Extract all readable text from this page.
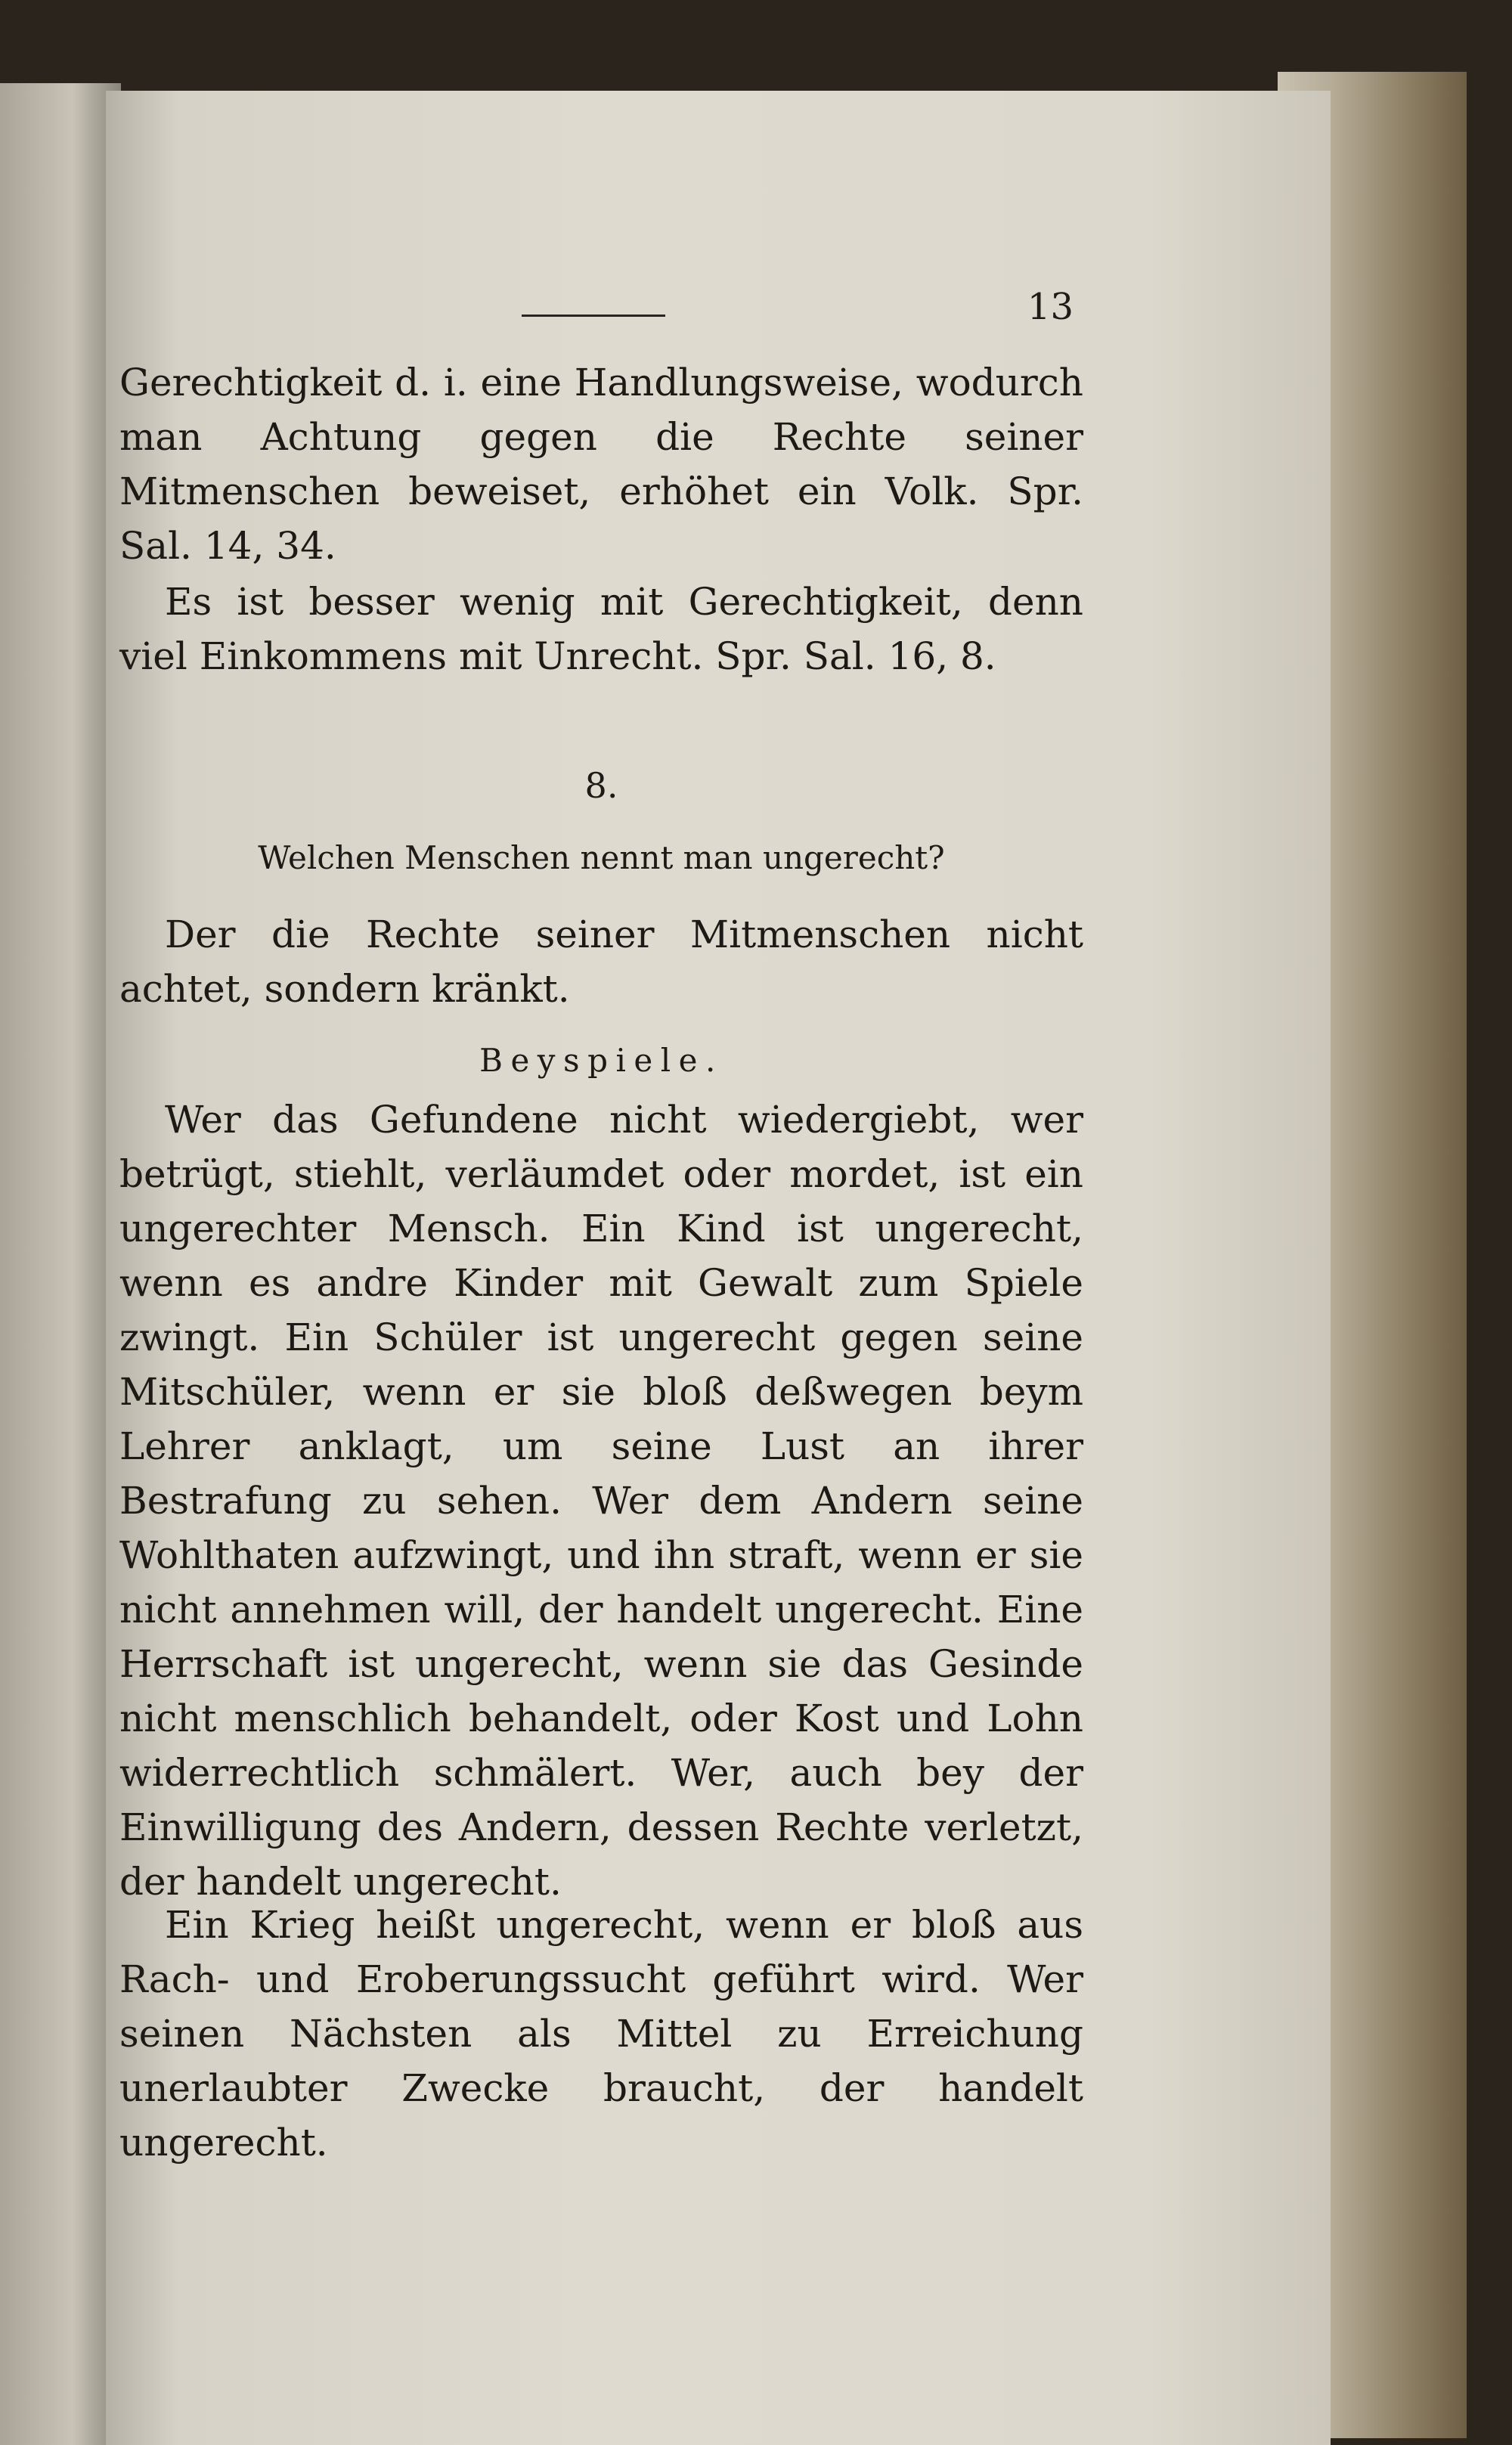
13
Gerechtigkeit d. i. eine Handlungsweise, wodurch man Achtung gegen die Rechte seiner Mitmenschen beweiset, erhöhet ein Volk. Spr. Sal. 14, 34.
Es ist besser wenig mit Gerechtigkeit, denn viel Einkommens mit Unrecht. Spr. Sal. 16, 8.
8.
Welchen Menschen nennt man ungerecht?
Der die Rechte seiner Mitmenschen nicht achtet, sondern kränkt.
Beyspiele.
Wer das Gefundene nicht wiedergiebt, wer betrügt, stiehlt, verläumdet oder mordet, ist ein ungerechter Mensch. Ein Kind ist ungerecht, wenn es andre Kinder mit Gewalt zum Spiele zwingt. Ein Schüler ist ungerecht gegen seine Mitschüler, wenn er sie bloß deßwegen beym Lehrer anklagt, um seine Lust an ihrer Bestrafung zu sehen. Wer dem Andern seine Wohlthaten aufzwingt, und ihn straft, wenn er sie nicht annehmen will, der handelt ungerecht. Eine Herrschaft ist ungerecht, wenn sie das Gesinde nicht menschlich behandelt, oder Kost und Lohn widerrechtlich schmälert. Wer, auch bey der Einwilligung des Andern, dessen Rechte verletzt, der handelt ungerecht.
Ein Krieg heißt ungerecht, wenn er bloß aus Rach- und Eroberungssucht geführt wird. Wer seinen Nächsten als Mittel zu Erreichung unerlaubter Zwecke braucht, der handelt ungerecht.
